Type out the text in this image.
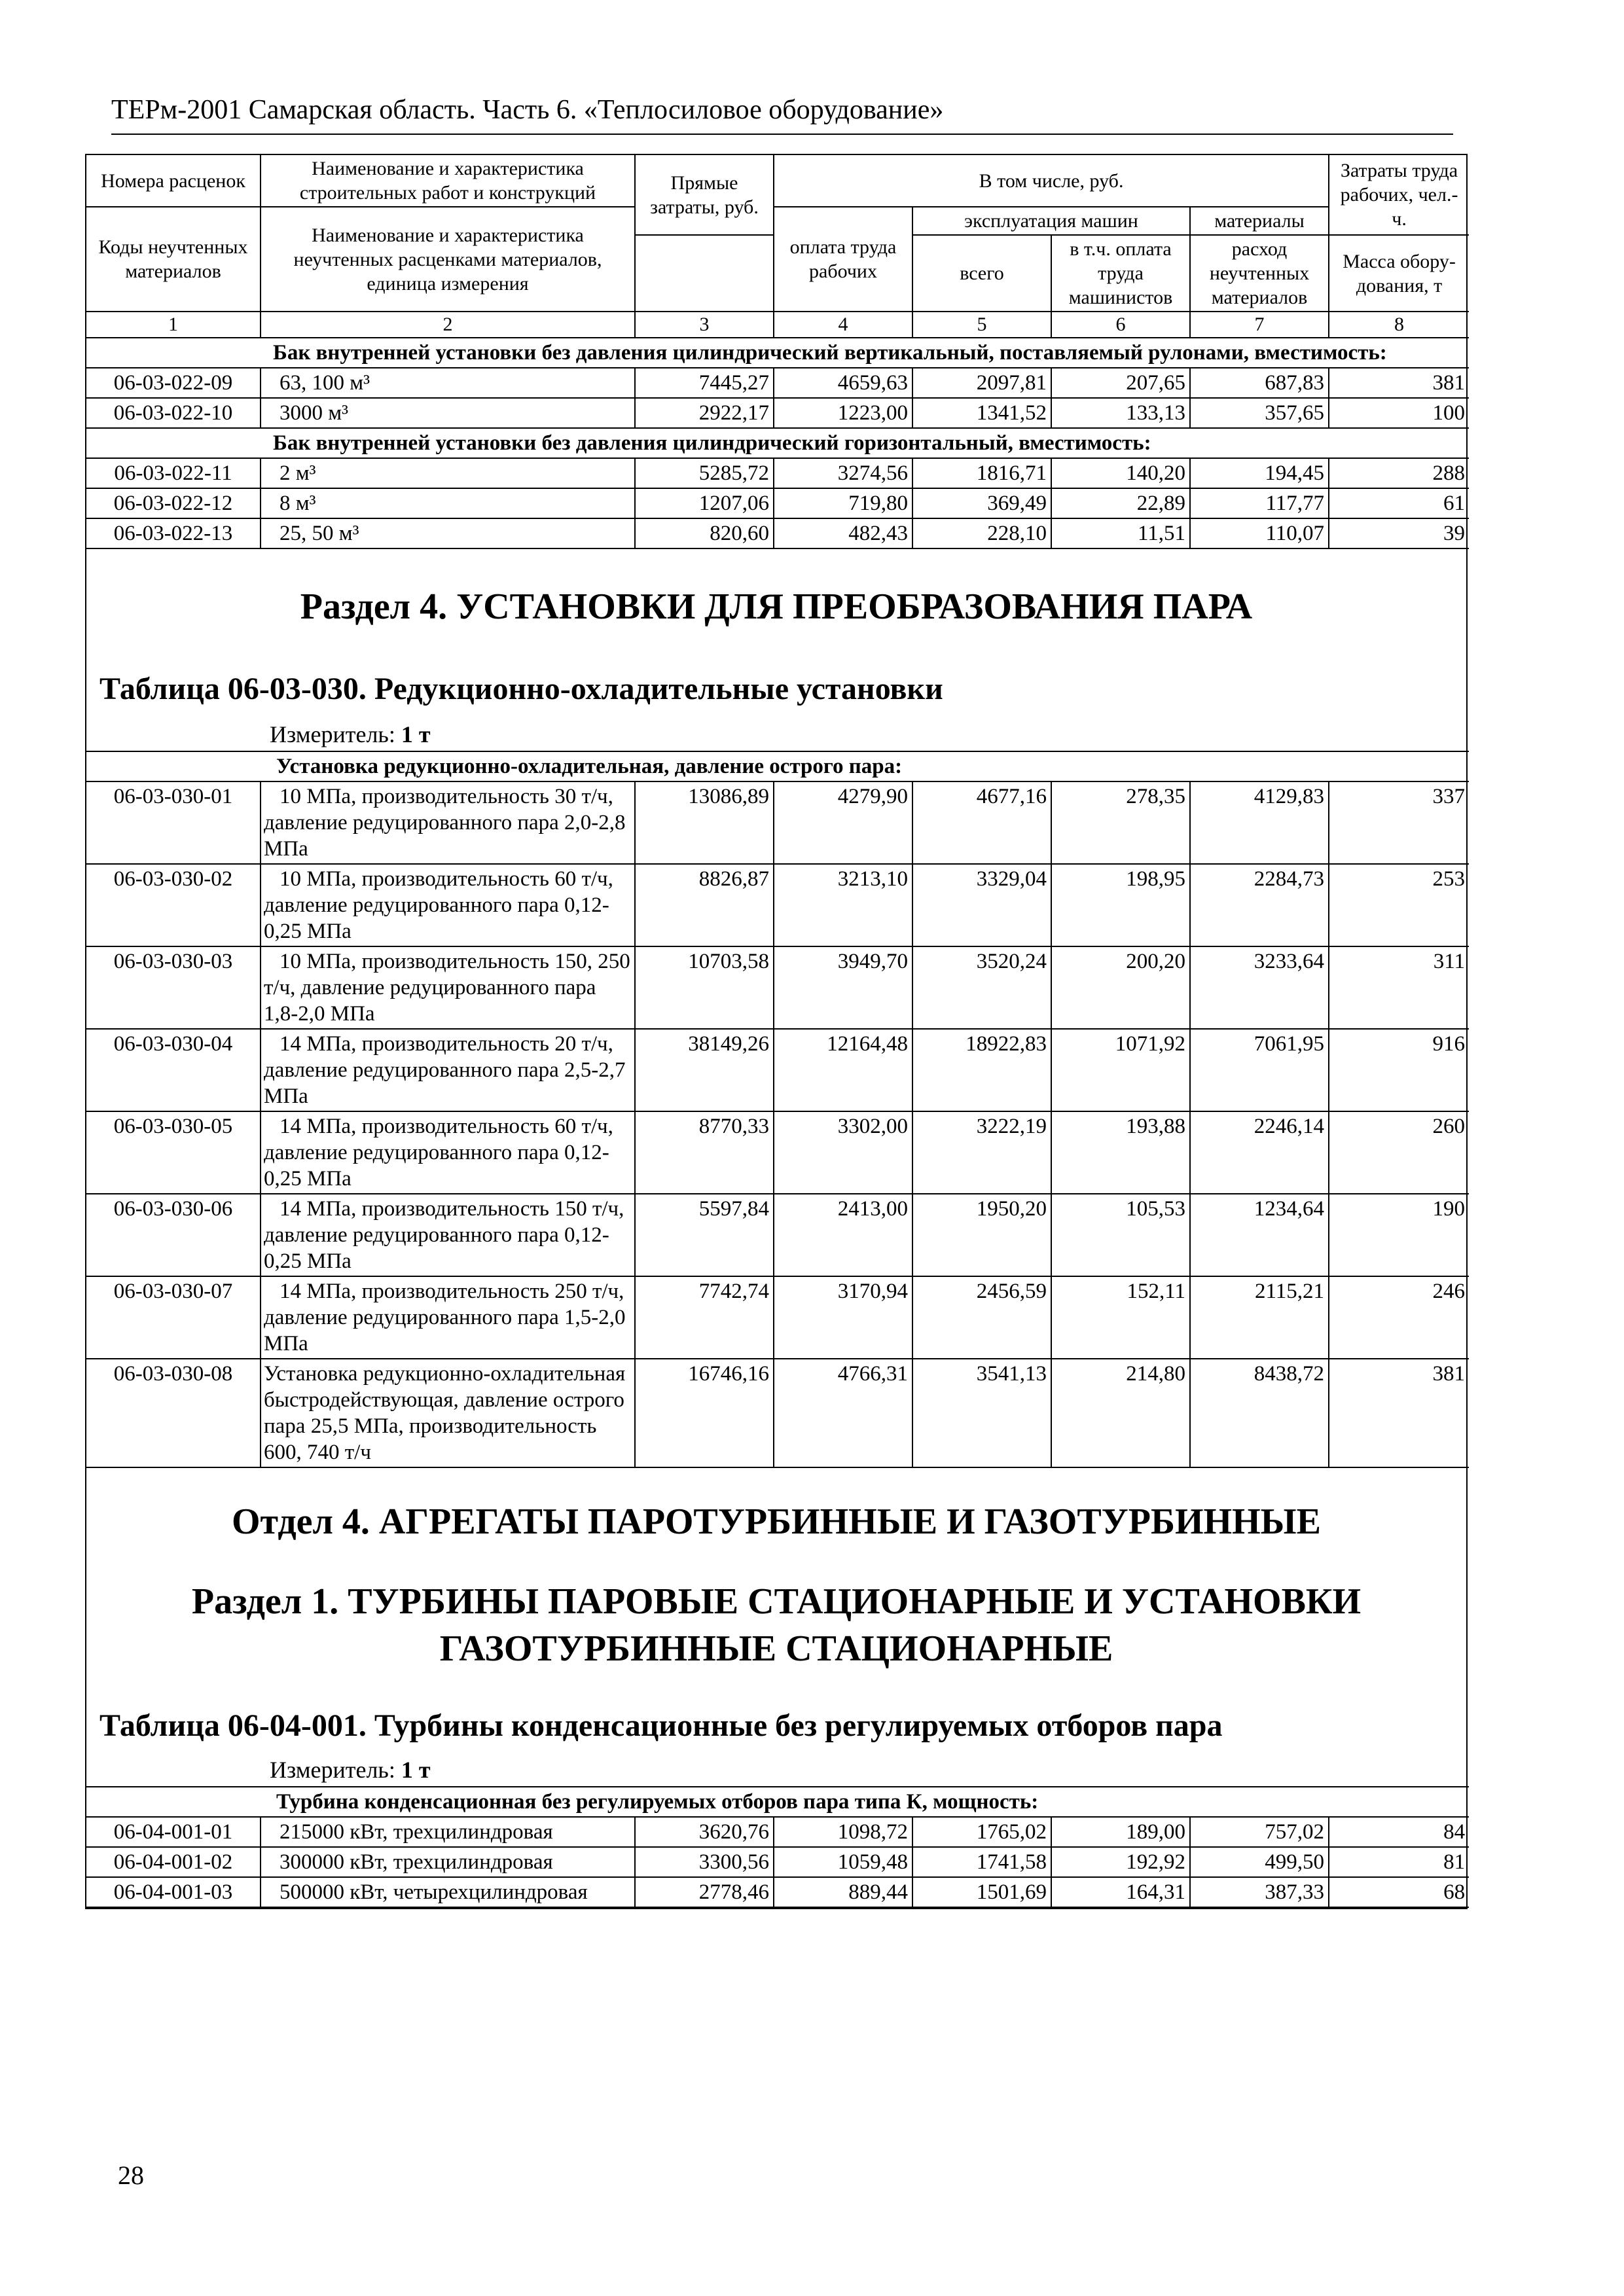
ТЕРм-2001 Самарская область. Часть 6. «Теплосиловое оборудование»
Номера расценок	Наименование и характеристика строительных работ и конструкций	Прямые затраты, руб.	В том числе, руб.				Затраты труда рабочих, чел.-ч.
Коды неучтенных материалов	Наименование и характеристика неучтенных расценками материалов, единица измерения		оплата труда рабочих	эксплуатация машин		материалы	
				всего	в т.ч. оплата труда машинистов	расход неучтенных материалов	
							Масса обору-дования, т
1	2	3	4	5	6	7	8
Бак внутренней установки без давления цилиндрический вертикальный, поставляемый рулонами, вместимость:							
06-03-022-09	63, 100 м³	7445,27	4659,63	2097,81	207,65	687,83	381
06-03-022-10	3000 м³	2922,17	1223,00	1341,52	133,13	357,65	100
Бак внутренней установки без давления цилиндрический горизонтальный, вместимость:							
06-03-022-11	2 м³	5285,72	3274,56	1816,71	140,20	194,45	288
06-03-022-12	8 м³	1207,06	719,80	369,49	22,89	117,77	61
06-03-022-13	25, 50 м³	820,60	482,43	228,10	11,51	110,07	39
Раздел 4. УСТАНОВКИ ДЛЯ ПРЕОБРАЗОВАНИЯ ПАРА
Таблица 06-03-030. Редукционно-охладительные установки
Измеритель: 1 т
Установка редукционно-охладительная, давление острого пара:							
06-03-030-01	10 МПа, производительность 30 т/ч, давление редуцированного пара 2,0-2,8 МПа	13086,89	4279,90	4677,16	278,35	4129,83	337
06-03-030-02	10 МПа, производительность 60 т/ч, давление редуцированного пара 0,12-0,25 МПа	8826,87	3213,10	3329,04	198,95	2284,73	253
06-03-030-03	10 МПа, производительность 150, 250 т/ч, давление редуцированного пара 1,8-2,0 МПа	10703,58	3949,70	3520,24	200,20	3233,64	311
06-03-030-04	14 МПа, производительность 20 т/ч, давление редуцированного пара 2,5-2,7 МПа	38149,26	12164,48	18922,83	1071,92	7061,95	916
06-03-030-05	14 МПа, производительность 60 т/ч, давление редуцированного пара 0,12-0,25 МПа	8770,33	3302,00	3222,19	193,88	2246,14	260
06-03-030-06	14 МПа, производительность 150 т/ч, давление редуцированного пара 0,12-0,25 МПа	5597,84	2413,00	1950,20	105,53	1234,64	190
06-03-030-07	14 МПа, производительность 250 т/ч, давление редуцированного пара 1,5-2,0 МПа	7742,74	3170,94	2456,59	152,11	2115,21	246
06-03-030-08	Установка редукционно-охладительная быстродействующая, давление острого пара 25,5 МПа, производительность 600, 740 т/ч	16746,16	4766,31	3541,13	214,80	8438,72	381
Отдел 4. АГРЕГАТЫ ПАРОТУРБИННЫЕ И ГАЗОТУРБИННЫЕ
Раздел 1. ТУРБИНЫ ПАРОВЫЕ СТАЦИОНАРНЫЕ И УСТАНОВКИ ГАЗОТУРБИННЫЕ СТАЦИОНАРНЫЕ
Таблица 06-04-001. Турбины конденсационные без регулируемых отборов пара
Измеритель: 1 т
Турбина конденсационная без регулируемых отборов пара типа К, мощность:							
06-04-001-01	215000 кВт, трехцилиндровая	3620,76	1098,72	1765,02	189,00	757,02	84
06-04-001-02	300000 кВт, трехцилиндровая	3300,56	1059,48	1741,58	192,92	499,50	81
06-04-001-03	500000 кВт, четырехцилиндровая	2778,46	889,44	1501,69	164,31	387,33	68
28
